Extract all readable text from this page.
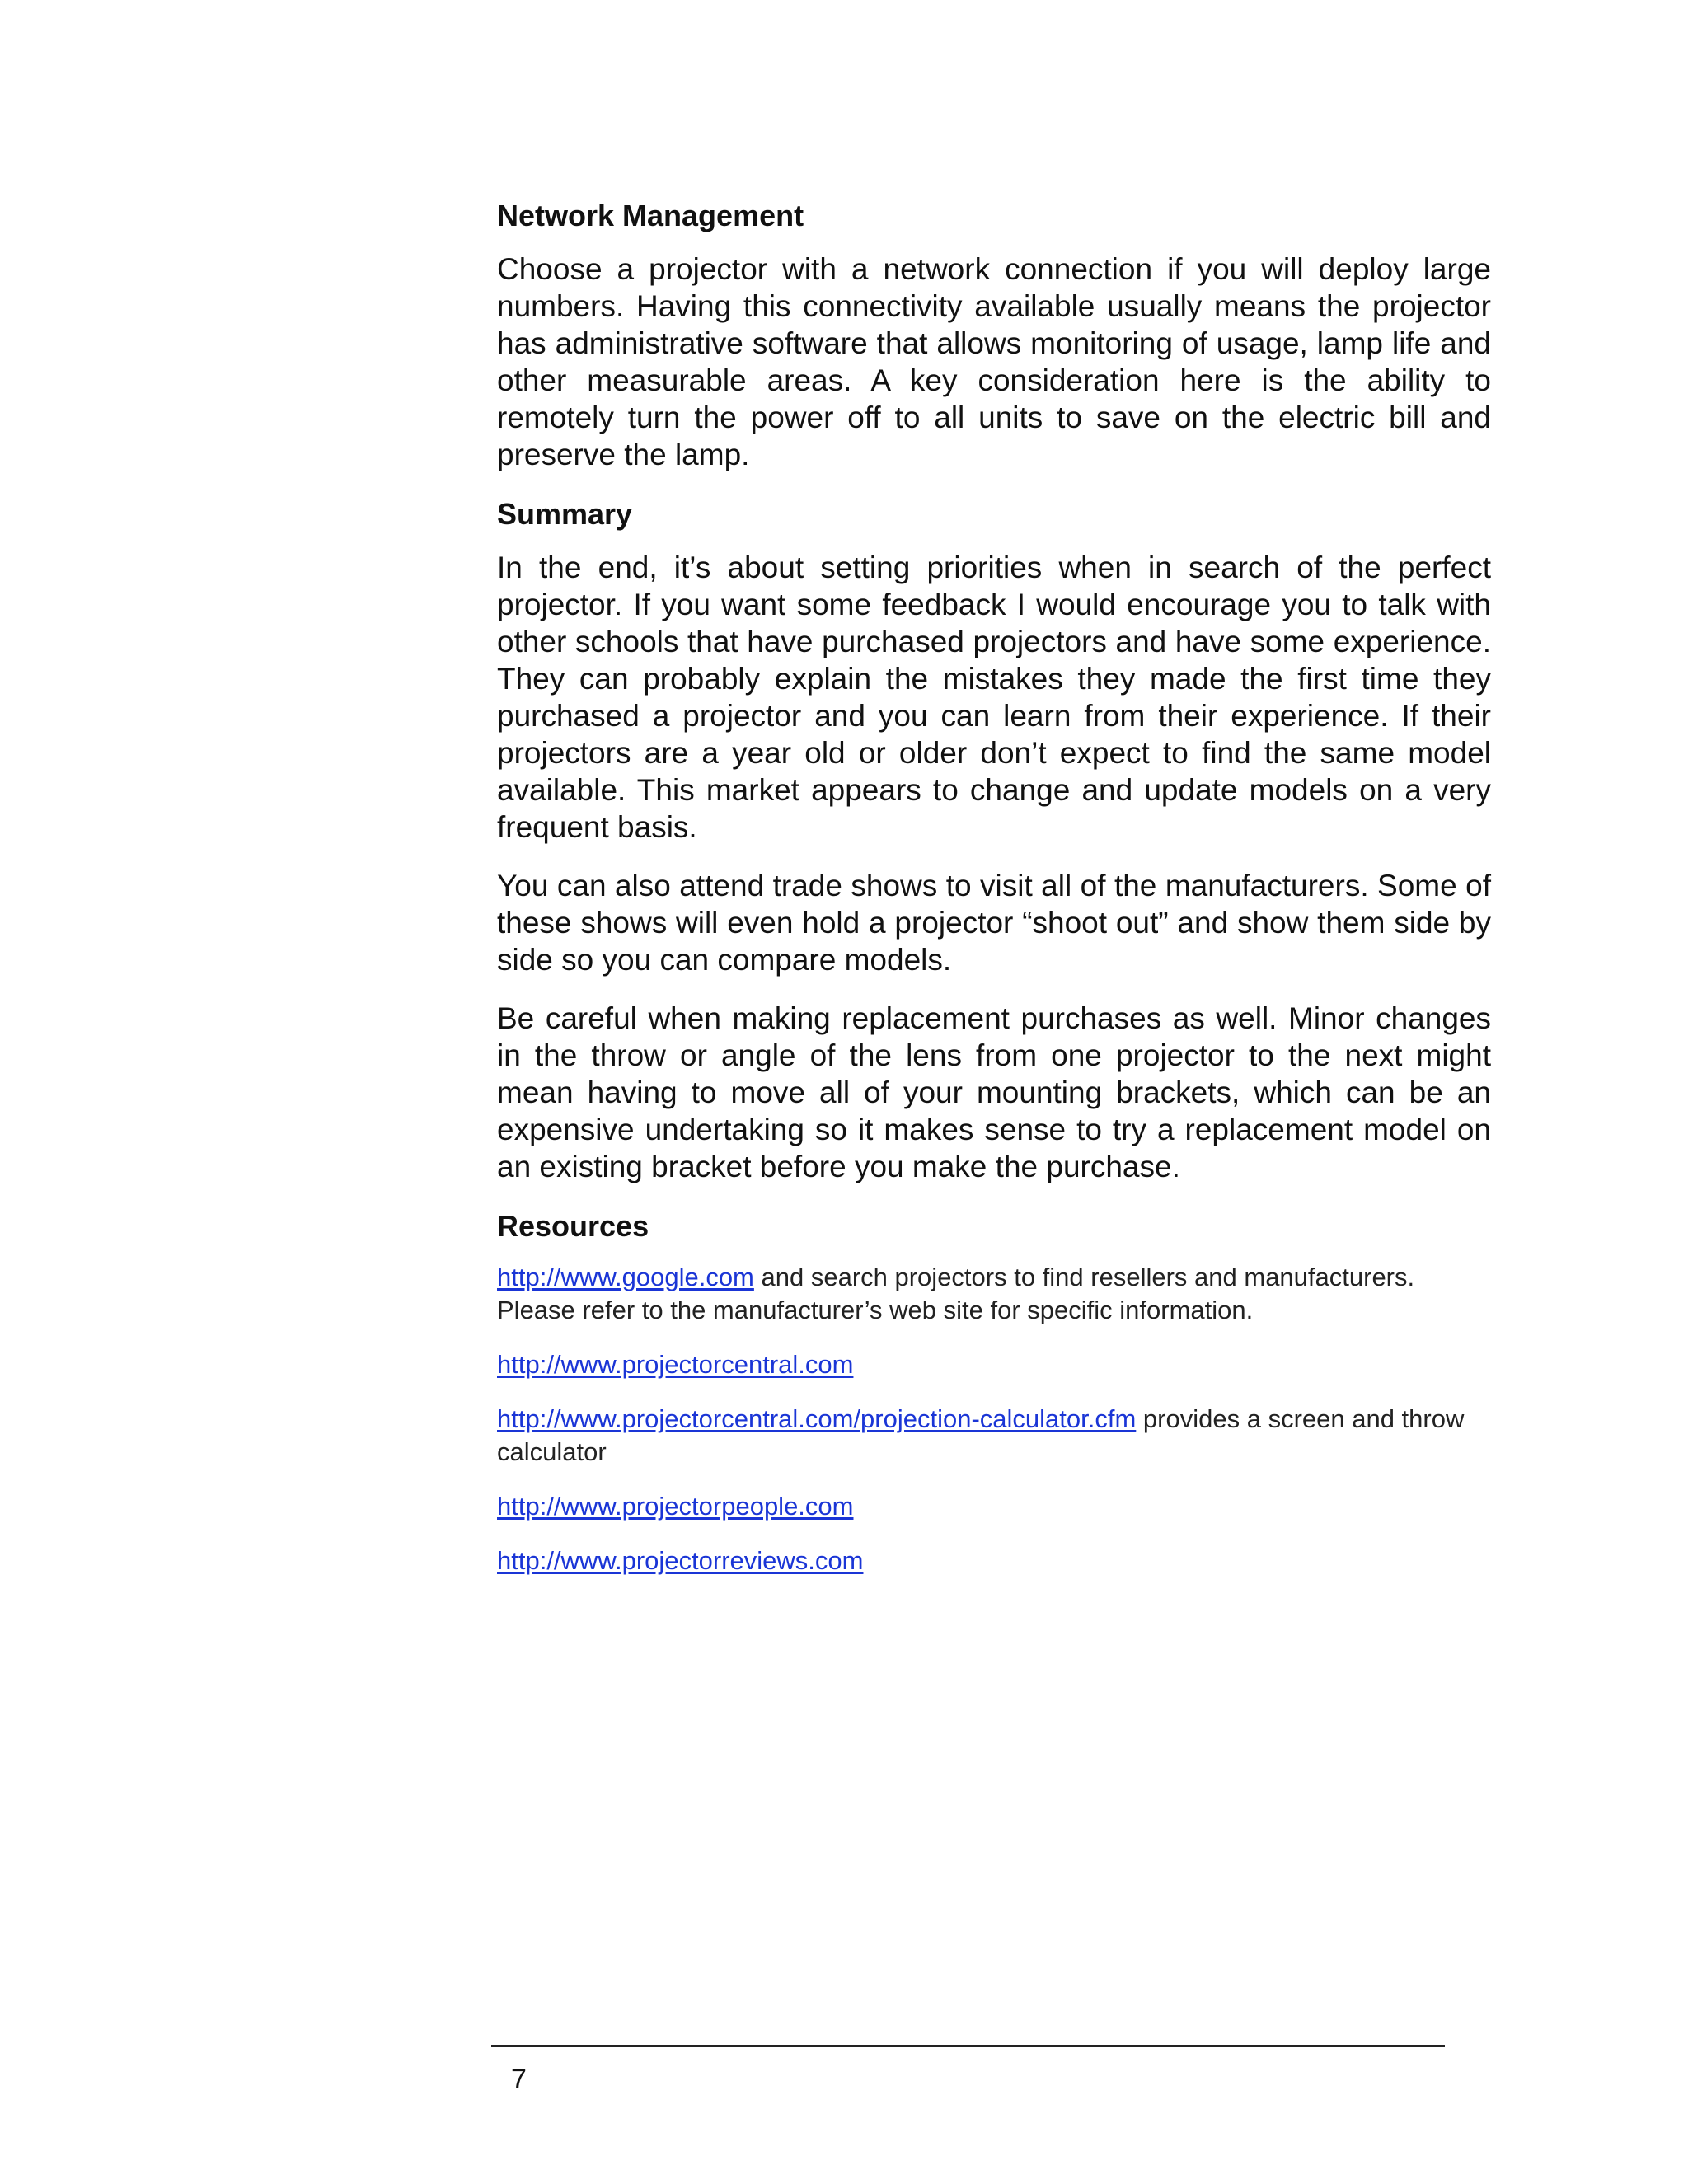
Network Management

Choose a projector with a network connection if you will deploy large numbers. Having this connectivity available usually means the projector has administrative software that allows monitoring of usage, lamp life and other measurable areas. A key consideration here is the ability to remotely turn the power off to all units to save on the electric bill and preserve the lamp.

Summary

In the end, it’s about setting priorities when in search of the perfect projector. If you want some feedback I would encourage you to talk with other schools that have purchased projectors and have some experience. They can probably explain the mistakes they made the first time they purchased a projector and you can learn from their experience. If their projectors are a year old or older don’t expect to find the same model available. This market appears to change and update models on a very frequent basis.

You can also attend trade shows to visit all of the manufacturers. Some of these shows will even hold a projector “shoot out” and show them side by side so you can compare models.

Be careful when making replacement purchases as well. Minor changes in the throw or angle of the lens from one projector to the next might mean having to move all of your mounting brackets, which can be an expensive undertaking so it makes sense to try a replacement model on an existing bracket before you make the purchase.

Resources
http://www.google.com and search projectors to find resellers and manufacturers. Please refer to the manufacturer’s web site for specific information.
http://www.projectorcentral.com
http://www.projectorcentral.com/projection-calculator.cfm provides a screen and throw calculator
http://www.projectorpeople.com
http://www.projectorreviews.com
7
